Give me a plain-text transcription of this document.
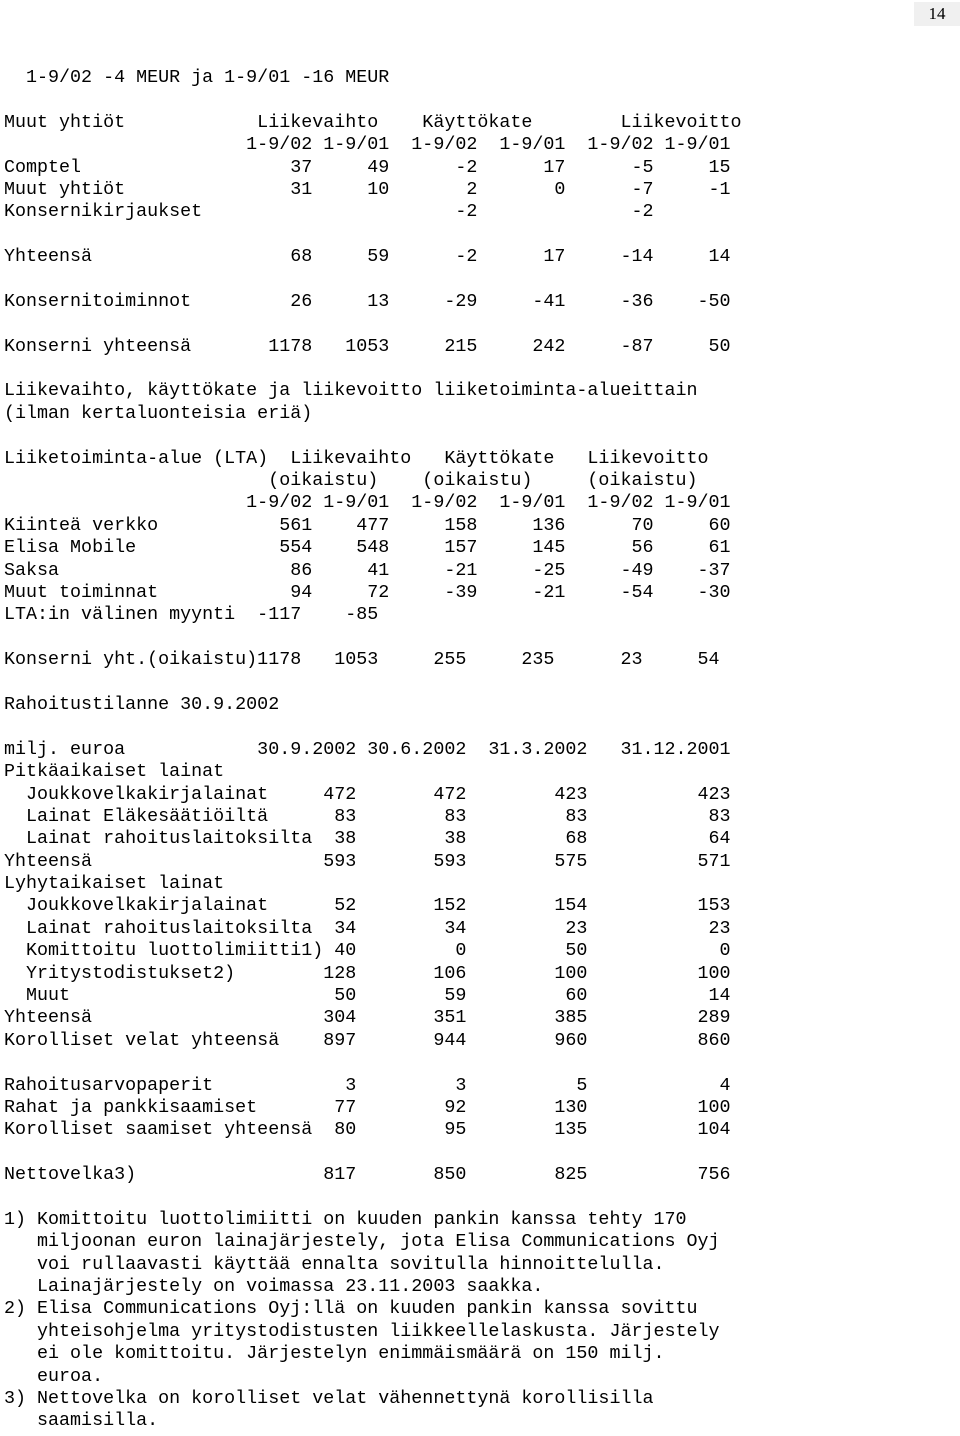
14
1-9/02 -4 MEUR ja 1-9/01 -16 MEUR
Muut yhtiöt            Liikevaihto    Käyttökate        Liikevoitto
1-9/02 1-9/01  1-9/02  1-9/01  1-9/02 1-9/01
Comptel                   37     49      -2      17      -5     15
Muut yhtiöt               31     10       2       0      -7     -1
Konsernikirjaukset                       -2              -2
Yhteensä                  68     59      -2      17     -14     14
Konsernitoiminnot         26     13     -29     -41     -36    -50
Konserni yhteensä       1178   1053     215     242     -87     50
Liikevaihto, käyttökate ja liikevoitto liiketoiminta-alueittain
(ilman kertaluonteisia eriä)
Liiketoiminta-alue (LTA)  Liikevaihto   Käyttökate   Liikevoitto
(oikaistu)    (oikaistu)     (oikaistu)
1-9/02 1-9/01  1-9/02  1-9/01  1-9/02 1-9/01
Kiinteä verkko           561    477     158     136      70     60
Elisa Mobile             554    548     157     145      56     61
Saksa                     86     41     -21     -25     -49    -37
Muut toiminnat            94     72     -39     -21     -54    -30
LTA:in välinen myynti  -117    -85
Konserni yht.(oikaistu)1178   1053     255     235      23     54
Rahoitustilanne 30.9.2002
milj. euroa            30.9.2002 30.6.2002  31.3.2002   31.12.2001
Pitkäaikaiset lainat
Joukkovelkakirjalainat     472       472        423          423
Lainat Eläkesäätiöiltä      83        83         83           83
Lainat rahoituslaitoksilta  38        38         68           64
Yhteensä                     593       593        575          571
Lyhytaikaiset lainat
Joukkovelkakirjalainat      52       152        154          153
Lainat rahoituslaitoksilta  34        34         23           23
Komittoitu luottolimiitti1) 40         0         50            0
Yritystodistukset2)        128       106        100          100
Muut                        50        59         60           14
Yhteensä                     304       351        385          289
Korolliset velat yhteensä    897       944        960          860
Rahoitusarvopaperit            3         3          5            4
Rahat ja pankkisaamiset       77        92        130          100
Korolliset saamiset yhteensä  80        95        135          104
Nettovelka3)                 817       850        825          756
1) Komittoitu luottolimiitti on kuuden pankin kanssa tehty 170
miljoonan euron lainajärjestely, jota Elisa Communications Oyj
voi rullaavasti käyttää ennalta sovitulla hinnoittelulla.
Lainajärjestely on voimassa 23.11.2003 saakka.
2) Elisa Communications Oyj:llä on kuuden pankin kanssa sovittu
yhteisohjelma yritystodistusten liikkeellelaskusta. Järjestely
ei ole komittoitu. Järjestelyn enimmäismäärä on 150 milj.
euroa.
3) Nettovelka on korolliset velat vähennettynä korollisilla
saamisilla.
